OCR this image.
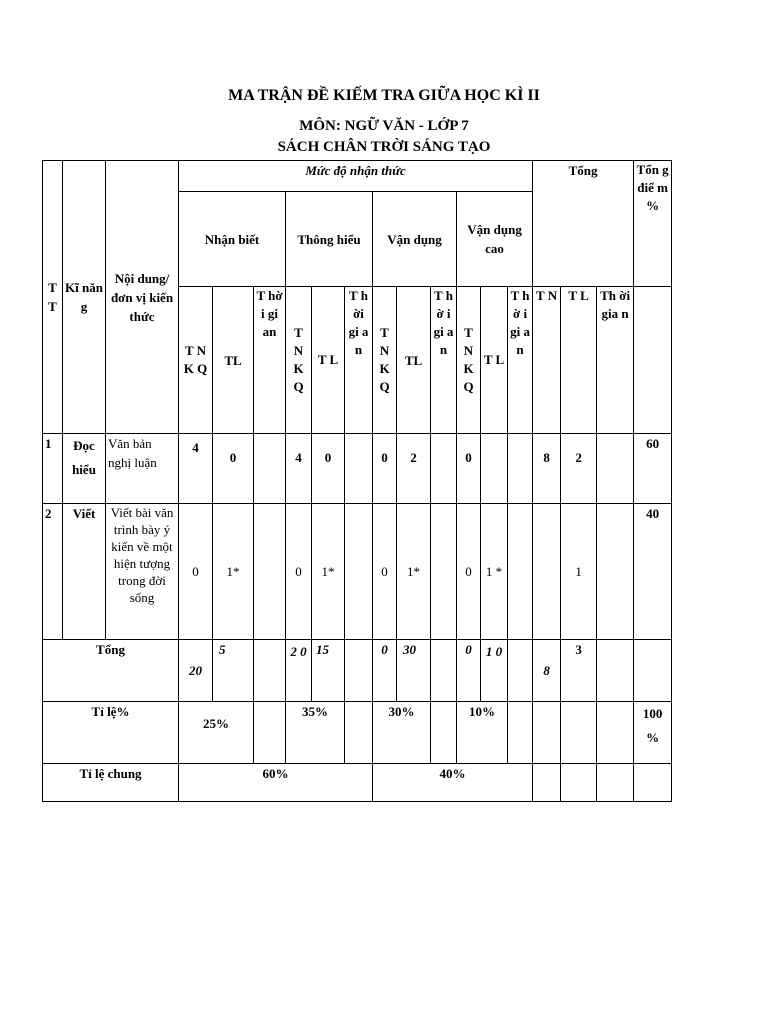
MA TRẬN ĐỀ KIẾM TRA GIỮA HỌC KÌ II
MÔN: NGỮ VĂN - LỚP 7
SÁCH CHÂN TRỜI SÁNG TẠO
T T	Kĩ năn g	Nội dung/ đơn vị kiến thức	Mức độ nhận thức												Tổng			Tổn g điể m %
			Nhận biết			Thông hiểu			Vận dụng			Vận dụng cao						
			T N K Q	TL	T hờ i gi an	T N K Q	T L	T h ời gi a n	T N K Q	TL	T h ờ i gi a n	T N K Q	T L	T h ờ i gi a n	T N	T L	Th ời gia n	
1	Đọc hiểu	Văn bản nghị luận	4	0		4	0		0	2		0			8	2		60
2	Viết	Viết bài văn trình bày ý kiến về một hiện tượng trong đời sống	0	1*		0	1*		0	1*		0	1 *			1		40
Tổng			20	5		2 0	15		0	30		0	1 0		8	3		
Tỉ lệ%			25%			35%			30%			10%						100 %
Tỉ lệ chung			60%						40%									
